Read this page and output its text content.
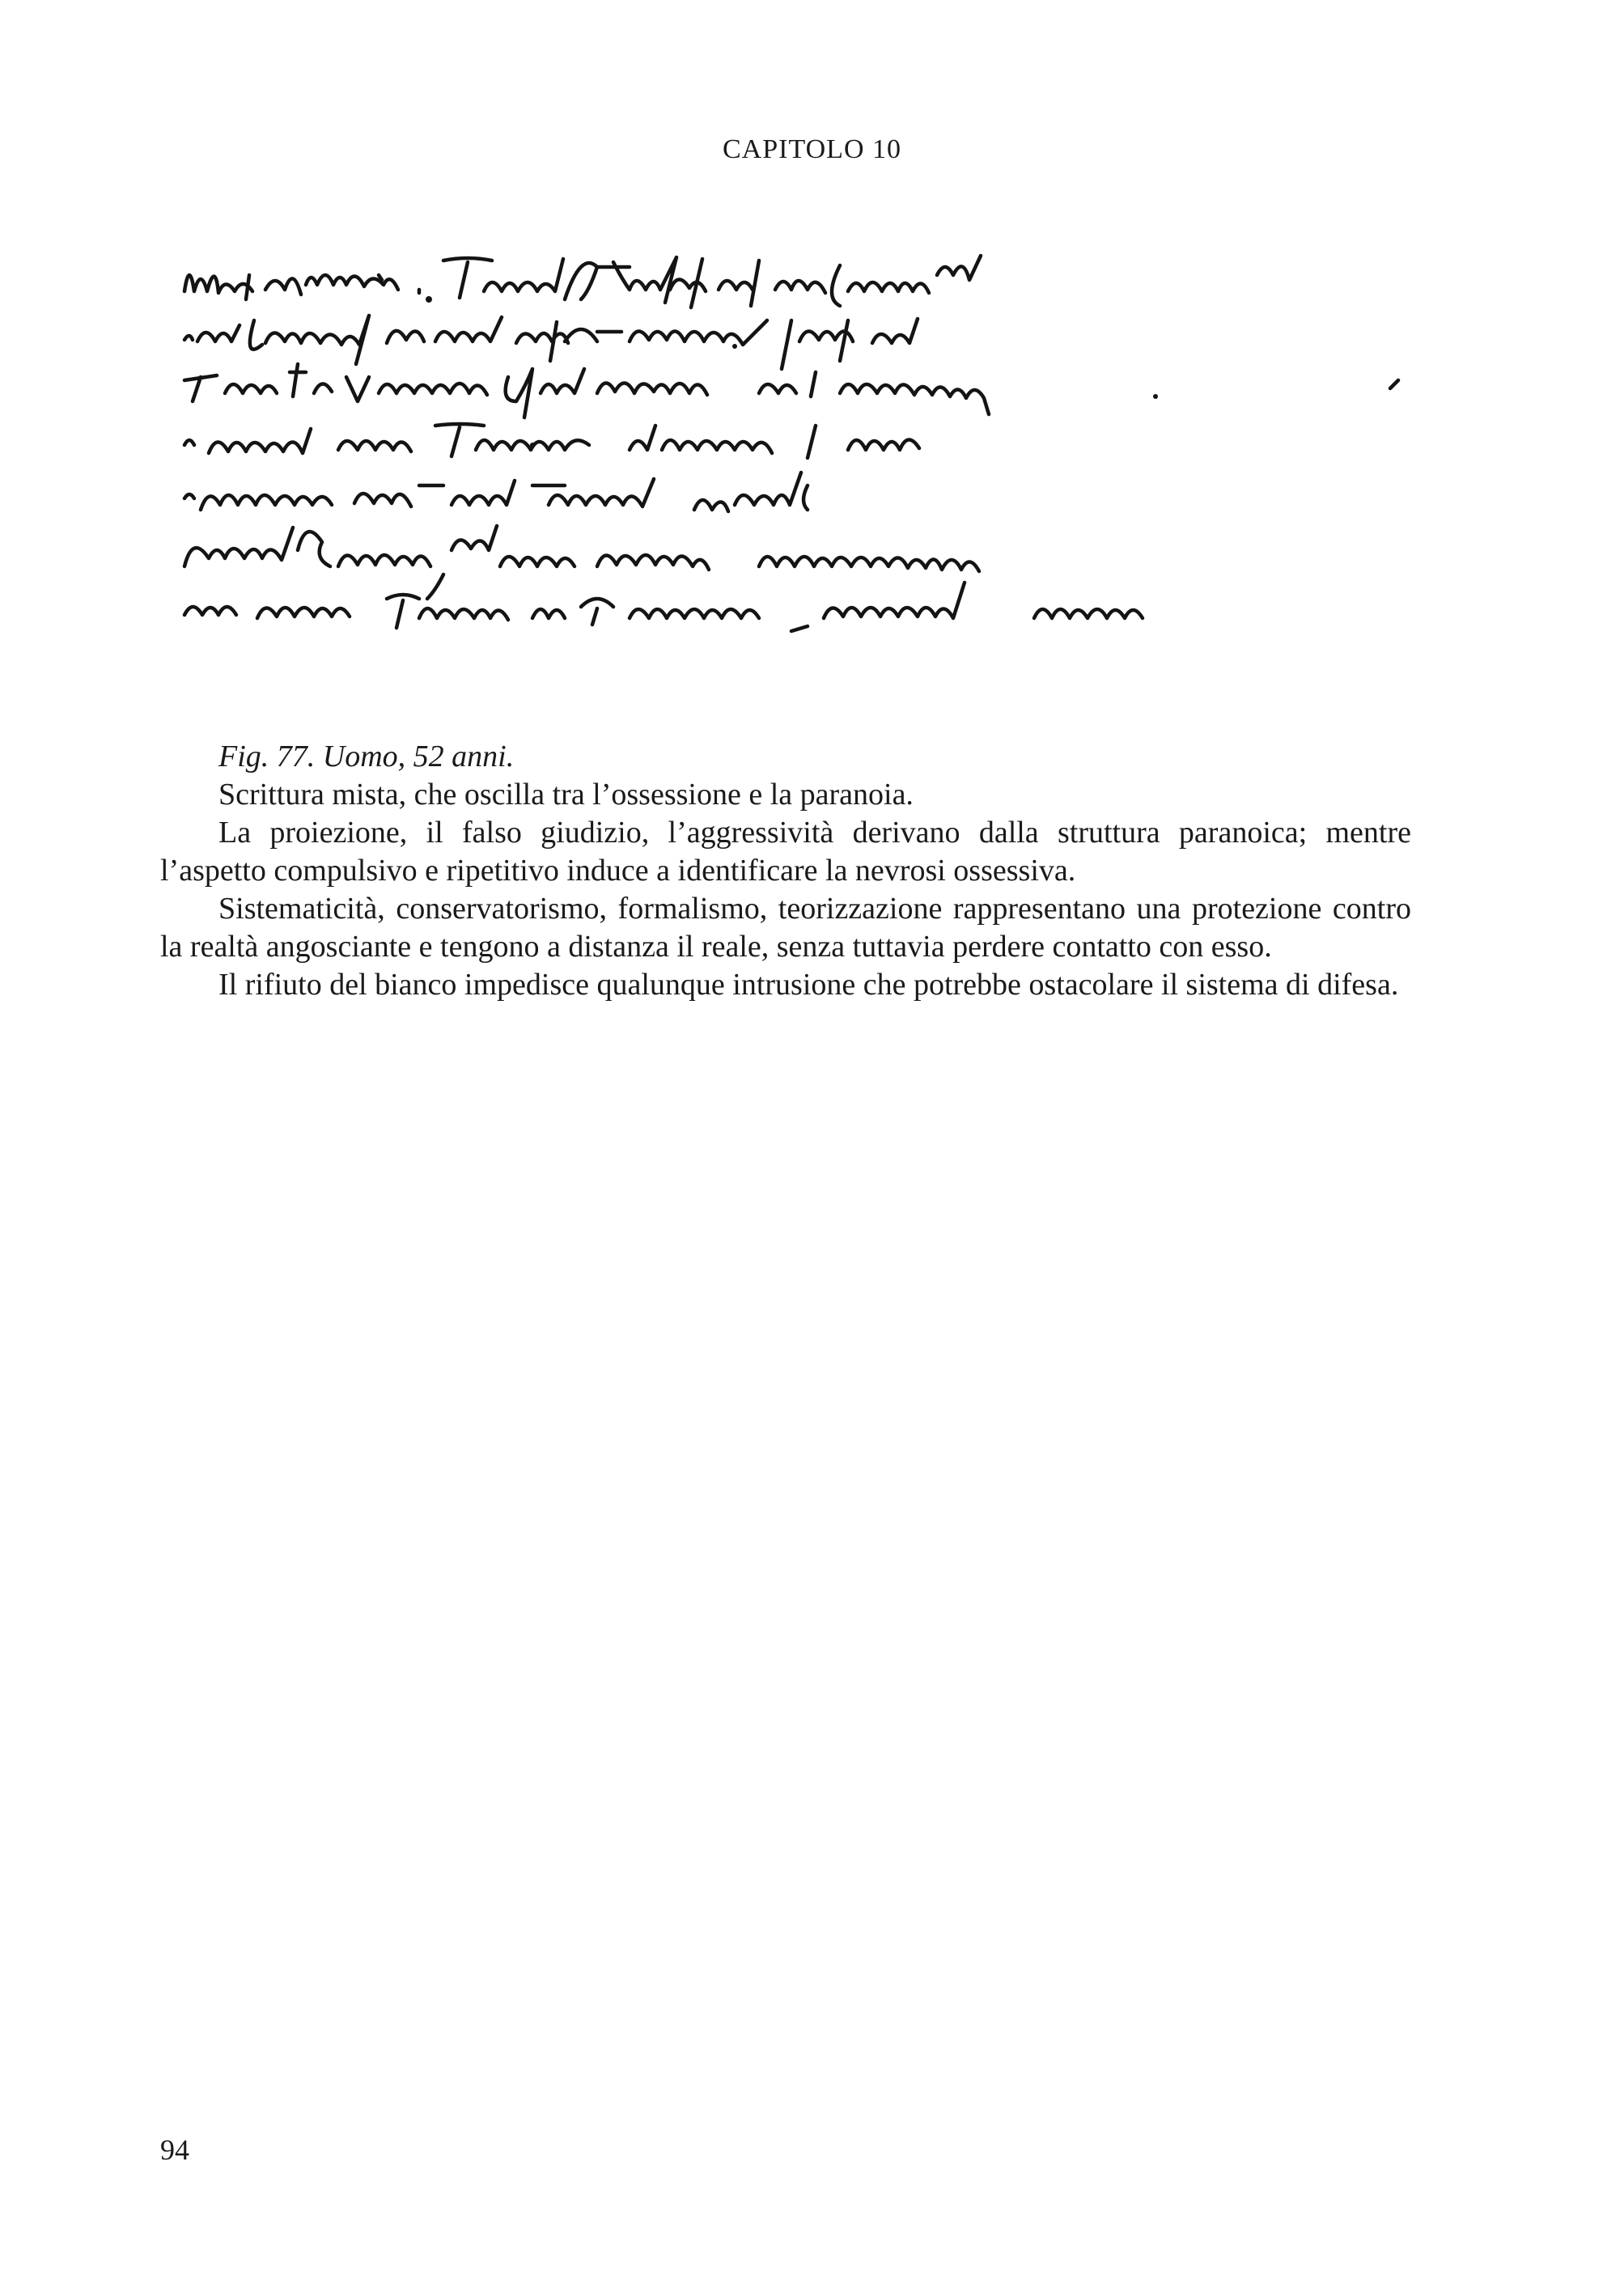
CAPITOLO 10

Fig. 77. Uomo, 52 anni.

Scrittura mista, che oscilla tra l’ossessione e la paranoia.

La proiezione, il falso giudizio, l’aggressività derivano dalla struttura paranoica; mentre l’aspetto compulsivo e ripetitivo induce a identificare la nevrosi ossessiva.

Sistematicità, conservatorismo, formalismo, teorizzazione rappresentano una protezione contro la realtà angosciante e tengono a distanza il reale, senza tuttavia perdere contatto con esso.

Il rifiuto del bianco impedisce qualunque intrusione che potrebbe ostacolare il sistema di difesa.

94
